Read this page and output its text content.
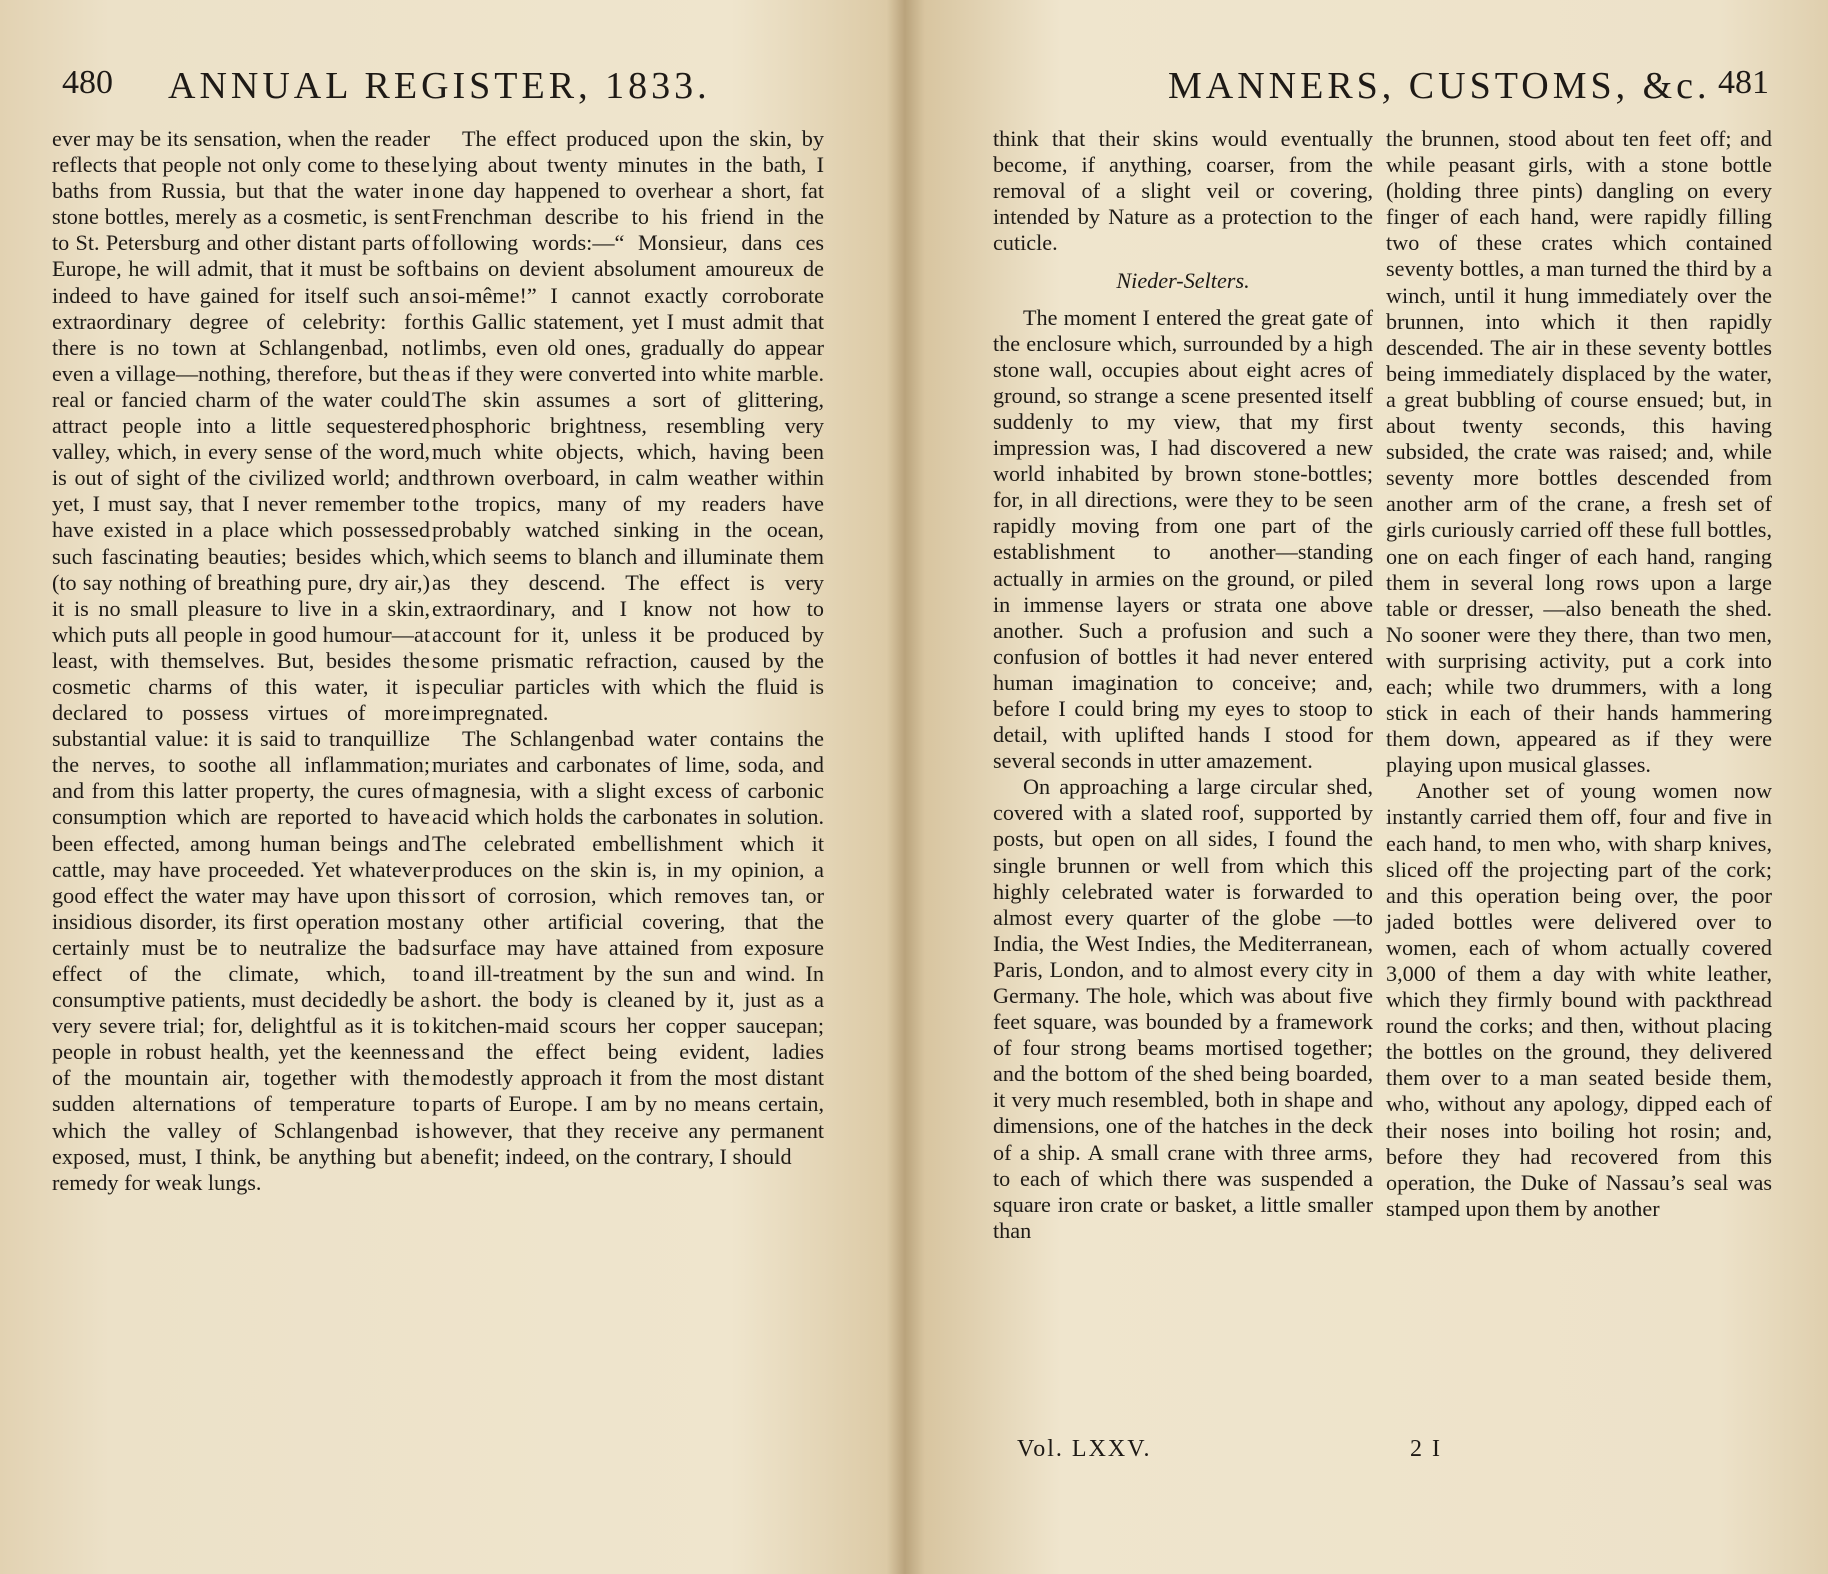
480 ANNUAL REGISTER, 1833.

ever may be its sensation, when the reader reflects that people not only come to these baths from Russia, but that the water in stone bottles, merely as a cosmetic, is sent to St. Petersburg and other distant parts of Europe, he will admit, that it must be soft indeed to have gained for itself such an extraordinary degree of celebrity: for there is no town at Schlangenbad, not even a village—nothing, therefore, but the real or fancied charm of the water could attract people into a little sequestered valley, which, in every sense of the word, is out of sight of the civilized world; and yet, I must say, that I never remember to have existed in a place which possessed such fascinating beauties; besides which, (to say nothing of breathing pure, dry air,) it is no small pleasure to live in a skin, which puts all people in good humour—at least, with themselves. But, besides the cosmetic charms of this water, it is declared to possess virtues of more substantial value: it is said to tranquillize the nerves, to soothe all inflammation; and from this latter property, the cures of consumption which are reported to have been effected, among human beings and cattle, may have proceeded. Yet whatever good effect the water may have upon this insidious disorder, its first operation most certainly must be to neutralize the bad effect of the climate, which, to consumptive patients, must decidedly be a very severe trial; for, delightful as it is to people in robust health, yet the keenness of the mountain air, together with the sudden alternations of temperature to which the valley of Schlangenbad is exposed, must, I think, be anything but a remedy for weak lungs.

The effect produced upon the skin, by lying about twenty minutes in the bath, I one day happened to overhear a short, fat Frenchman describe to his friend in the following words:—“ Monsieur, dans ces bains on devient absolument amoureux de soi-même!” I cannot exactly corroborate this Gallic statement, yet I must admit that limbs, even old ones, gradually do appear as if they were converted into white marble. The skin assumes a sort of glittering, phosphoric brightness, resembling very much white objects, which, having been thrown overboard, in calm weather within the tropics, many of my readers have probably watched sinking in the ocean, which seems to blanch and illuminate them as they descend. The effect is very extraordinary, and I know not how to account for it, unless it be produced by some prismatic refraction, caused by the peculiar particles with which the fluid is impregnated.

The Schlangenbad water contains the muriates and carbonates of lime, soda, and magnesia, with a slight excess of carbonic acid which holds the carbonates in solution. The celebrated embellishment which it produces on the skin is, in my opinion, a sort of corrosion, which removes tan, or any other artificial covering, that the surface may have attained from exposure and ill-treatment by the sun and wind. In short. the body is cleaned by it, just as a kitchen-maid scours her copper saucepan; and the effect being evident, ladies modestly approach it from the most distant parts of Europe. I am by no means certain, however, that they receive any permanent benefit; indeed, on the contrary, I should

MANNERS, CUSTOMS, &c. 481

think that their skins would eventually become, if anything, coarser, from the removal of a slight veil or covering, intended by Nature as a protection to the cuticle.

Nieder-Selters.

The moment I entered the great gate of the enclosure which, surrounded by a high stone wall, occupies about eight acres of ground, so strange a scene presented itself suddenly to my view, that my first impression was, I had discovered a new world inhabited by brown stone-bottles; for, in all directions, were they to be seen rapidly moving from one part of the establishment to another—standing actually in armies on the ground, or piled in immense layers or strata one above another. Such a profusion and such a confusion of bottles it had never entered human imagination to conceive; and, before I could bring my eyes to stoop to detail, with uplifted hands I stood for several seconds in utter amazement.

On approaching a large circular shed, covered with a slated roof, supported by posts, but open on all sides, I found the single brunnen or well from which this highly celebrated water is forwarded to almost every quarter of the globe —to India, the West Indies, the Mediterranean, Paris, London, and to almost every city in Germany. The hole, which was about five feet square, was bounded by a framework of four strong beams mortised together; and the bottom of the shed being boarded, it very much resembled, both in shape and dimensions, one of the hatches in the deck of a ship. A small crane with three arms, to each of which there was suspended a square iron crate or basket, a little smaller than

the brunnen, stood about ten feet off; and while peasant girls, with a stone bottle (holding three pints) dangling on every finger of each hand, were rapidly filling two of these crates which contained seventy bottles, a man turned the third by a winch, until it hung immediately over the brunnen, into which it then rapidly descended. The air in these seventy bottles being immediately displaced by the water, a great bubbling of course ensued; but, in about twenty seconds, this having subsided, the crate was raised; and, while seventy more bottles descended from another arm of the crane, a fresh set of girls curiously carried off these full bottles, one on each finger of each hand, ranging them in several long rows upon a large table or dresser, —also beneath the shed. No sooner were they there, than two men, with surprising activity, put a cork into each; while two drummers, with a long stick in each of their hands hammering them down, appeared as if they were playing upon musical glasses.

Another set of young women now instantly carried them off, four and five in each hand, to men who, with sharp knives, sliced off the projecting part of the cork; and this operation being over, the poor jaded bottles were delivered over to women, each of whom actually covered 3,000 of them a day with white leather, which they firmly bound with packthread round the corks; and then, without placing the bottles on the ground, they delivered them over to a man seated beside them, who, without any apology, dipped each of their noses into boiling hot rosin; and, before they had recovered from this operation, the Duke of Nassau’s seal was stamped upon them by another

Vol. LXXV.	2 I
